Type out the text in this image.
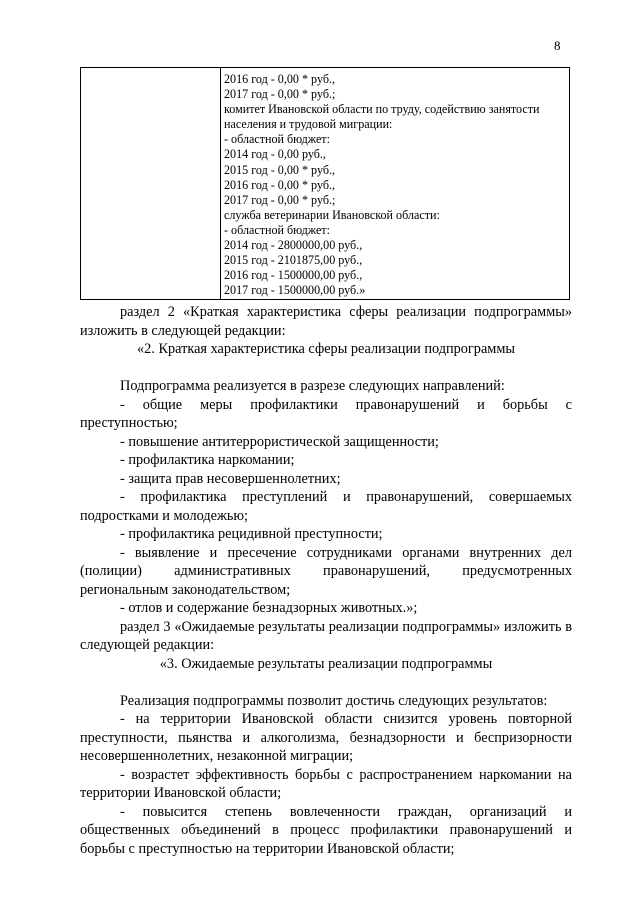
8
2016 год - 0,00 * руб.,
2017 год - 0,00 * руб.;
комитет Ивановской области по труду, содействию занятости
населения и трудовой миграции:
- областной бюджет:
2014 год - 0,00 руб.,
2015 год - 0,00 * руб.,
2016 год - 0,00 * руб.,
2017 год - 0,00 * руб.;
служба ветеринарии Ивановской области:
- областной бюджет:
2014 год - 2800000,00 руб.,
2015 год - 2101875,00 руб.,
2016 год - 1500000,00 руб.,
2017 год - 1500000,00 руб.»

раздел 2 «Краткая характеристика сферы реализации подпрограммы» изложить в следующей редакции:

«2. Краткая характеристика сферы реализации подпрограммы

Подпрограмма реализуется в разрезе следующих направлений:

- общие меры профилактики правонарушений и борьбы с преступностью;

- повышение антитеррористической защищенности;

- профилактика наркомании;

- защита прав несовершеннолетних;

- профилактика преступлений и правонарушений, совершаемых подростками и молодежью;

- профилактика рецидивной преступности;

- выявление и пресечение сотрудниками органами внутренних дел (полиции) административных правонарушений, предусмотренных региональным законодательством;

- отлов и содержание безнадзорных животных.»;

раздел 3 «Ожидаемые результаты реализации подпрограммы» изложить в следующей редакции:

«3. Ожидаемые результаты реализации подпрограммы

Реализация подпрограммы позволит достичь следующих результатов:

- на территории Ивановской области снизится уровень повторной преступности, пьянства и алкоголизма, безнадзорности и беспризорности несовершеннолетних, незаконной миграции;

- возрастет эффективность борьбы с распространением наркомании на территории Ивановской области;

- повысится степень вовлеченности граждан, организаций и общественных объединений в процесс профилактики правонарушений и борьбы с преступностью на территории Ивановской области;
